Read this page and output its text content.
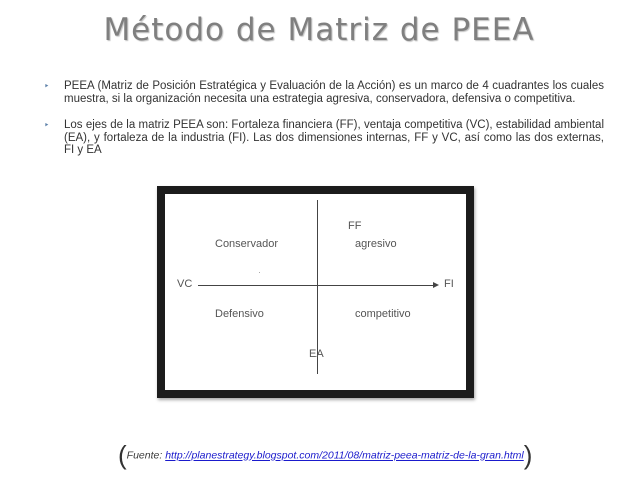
Método de Matriz de PEEA
‣ PEEA (Matriz de Posición Estratégica y Evaluación de la Acción) es un marco de 4 cuadrantes los cuales muestra, si la organización necesita una estrategia agresiva, conservadora, defensiva o competitiva.
‣ Los ejes de la matriz PEEA son: Fortaleza financiera (FF), ventaja competitiva (VC), estabilidad ambiental (EA), y fortaleza de la industria (FI). Las dos dimensiones internas, FF y VC, así como las dos externas, FI y EA
FF
EA
VC	FI
Conservador	agresivo
Defensivo	competitivo
(Fuente: http://planestrategy.blogspot.com/2011/08/matriz-peea-matriz-de-la-gran.html)
